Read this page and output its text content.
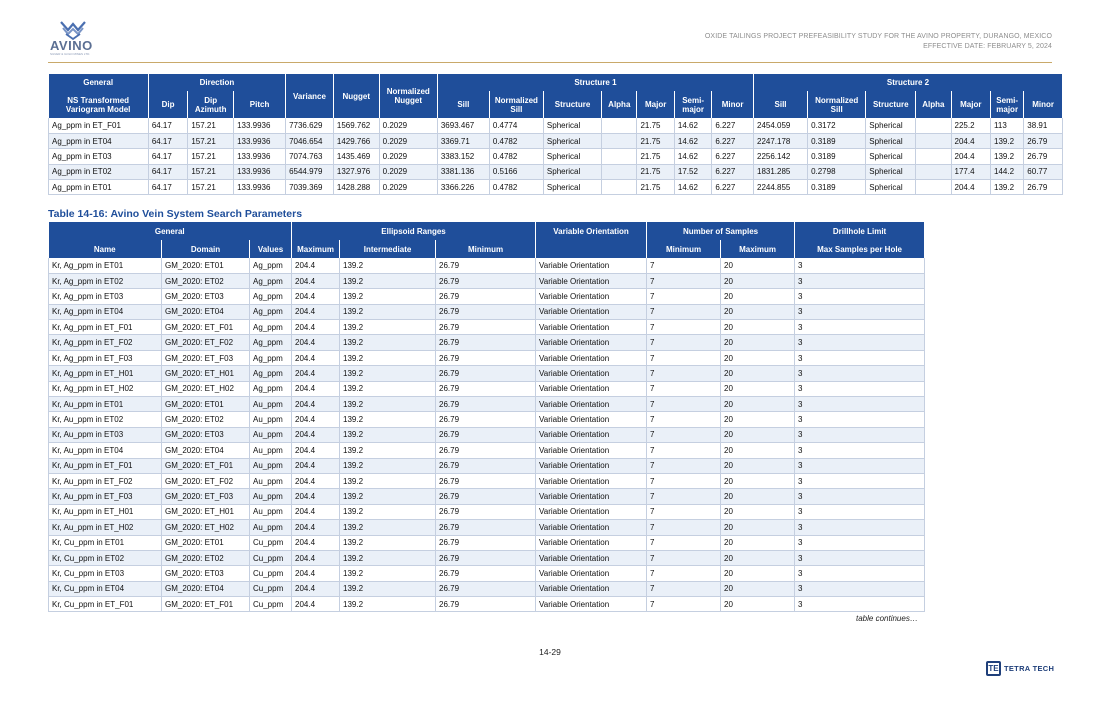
AVINO
SILVER & GOLD MINES LTD.
OXIDE TAILINGS PROJECT PREFEASIBILITY STUDY FOR THE AVINO PROPERTY, DURANGO, MEXICO
EFFECTIVE DATE: FEBRUARY 5, 2024
General	Direction			Variance	Nugget	Normalized Nugget	Structure 1							Structure 2						
NS Transformed Variogram Model	Dip	Dip Azimuth	Pitch				Sill	Normalized Sill	Structure	Alpha	Major	Semi-major	Minor	Sill	Normalized Sill	Structure	Alpha	Major	Semi-major	Minor
Ag_ppm in ET_F01	64.17	157.21	133.9936	7736.629	1569.762	0.2029	3693.467	0.4774	Spherical		21.75	14.62	6.227	2454.059	0.3172	Spherical		225.2	113	38.91
Ag_ppm in ET04	64.17	157.21	133.9936	7046.654	1429.766	0.2029	3369.71	0.4782	Spherical		21.75	14.62	6.227	2247.178	0.3189	Spherical		204.4	139.2	26.79
Ag_ppm in ET03	64.17	157.21	133.9936	7074.763	1435.469	0.2029	3383.152	0.4782	Spherical		21.75	14.62	6.227	2256.142	0.3189	Spherical		204.4	139.2	26.79
Ag_ppm in ET02	64.17	157.21	133.9936	6544.979	1327.976	0.2029	3381.136	0.5166	Spherical		21.75	17.52	6.227	1831.285	0.2798	Spherical		177.4	144.2	60.77
Ag_ppm in ET01	64.17	157.21	133.9936	7039.369	1428.288	0.2029	3366.226	0.4782	Spherical		21.75	14.62	6.227	2244.855	0.3189	Spherical		204.4	139.2	26.79
Table 14-16: Avino Vein System Search Parameters
General			Ellipsoid Ranges			Variable Orientation	Number of Samples		Drillhole Limit
Name	Domain	Values	Maximum	Intermediate	Minimum		Minimum	Maximum	Max Samples per Hole
Kr, Ag_ppm in ET01	GM_2020: ET01	Ag_ppm	204.4	139.2	26.79	Variable Orientation	7	20	3
Kr, Ag_ppm in ET02	GM_2020: ET02	Ag_ppm	204.4	139.2	26.79	Variable Orientation	7	20	3
Kr, Ag_ppm in ET03	GM_2020: ET03	Ag_ppm	204.4	139.2	26.79	Variable Orientation	7	20	3
Kr, Ag_ppm in ET04	GM_2020: ET04	Ag_ppm	204.4	139.2	26.79	Variable Orientation	7	20	3
Kr, Ag_ppm in ET_F01	GM_2020: ET_F01	Ag_ppm	204.4	139.2	26.79	Variable Orientation	7	20	3
Kr, Ag_ppm in ET_F02	GM_2020: ET_F02	Ag_ppm	204.4	139.2	26.79	Variable Orientation	7	20	3
Kr, Ag_ppm in ET_F03	GM_2020: ET_F03	Ag_ppm	204.4	139.2	26.79	Variable Orientation	7	20	3
Kr, Ag_ppm in ET_H01	GM_2020: ET_H01	Ag_ppm	204.4	139.2	26.79	Variable Orientation	7	20	3
Kr, Ag_ppm in ET_H02	GM_2020: ET_H02	Ag_ppm	204.4	139.2	26.79	Variable Orientation	7	20	3
Kr, Au_ppm in ET01	GM_2020: ET01	Au_ppm	204.4	139.2	26.79	Variable Orientation	7	20	3
Kr, Au_ppm in ET02	GM_2020: ET02	Au_ppm	204.4	139.2	26.79	Variable Orientation	7	20	3
Kr, Au_ppm in ET03	GM_2020: ET03	Au_ppm	204.4	139.2	26.79	Variable Orientation	7	20	3
Kr, Au_ppm in ET04	GM_2020: ET04	Au_ppm	204.4	139.2	26.79	Variable Orientation	7	20	3
Kr, Au_ppm in ET_F01	GM_2020: ET_F01	Au_ppm	204.4	139.2	26.79	Variable Orientation	7	20	3
Kr, Au_ppm in ET_F02	GM_2020: ET_F02	Au_ppm	204.4	139.2	26.79	Variable Orientation	7	20	3
Kr, Au_ppm in ET_F03	GM_2020: ET_F03	Au_ppm	204.4	139.2	26.79	Variable Orientation	7	20	3
Kr, Au_ppm in ET_H01	GM_2020: ET_H01	Au_ppm	204.4	139.2	26.79	Variable Orientation	7	20	3
Kr, Au_ppm in ET_H02	GM_2020: ET_H02	Au_ppm	204.4	139.2	26.79	Variable Orientation	7	20	3
Kr, Cu_ppm in ET01	GM_2020: ET01	Cu_ppm	204.4	139.2	26.79	Variable Orientation	7	20	3
Kr, Cu_ppm in ET02	GM_2020: ET02	Cu_ppm	204.4	139.2	26.79	Variable Orientation	7	20	3
Kr, Cu_ppm in ET03	GM_2020: ET03	Cu_ppm	204.4	139.2	26.79	Variable Orientation	7	20	3
Kr, Cu_ppm in ET04	GM_2020: ET04	Cu_ppm	204.4	139.2	26.79	Variable Orientation	7	20	3
Kr, Cu_ppm in ET_F01	GM_2020: ET_F01	Cu_ppm	204.4	139.2	26.79	Variable Orientation	7	20	3
table continues…
14-29
TE TETRA TECH
